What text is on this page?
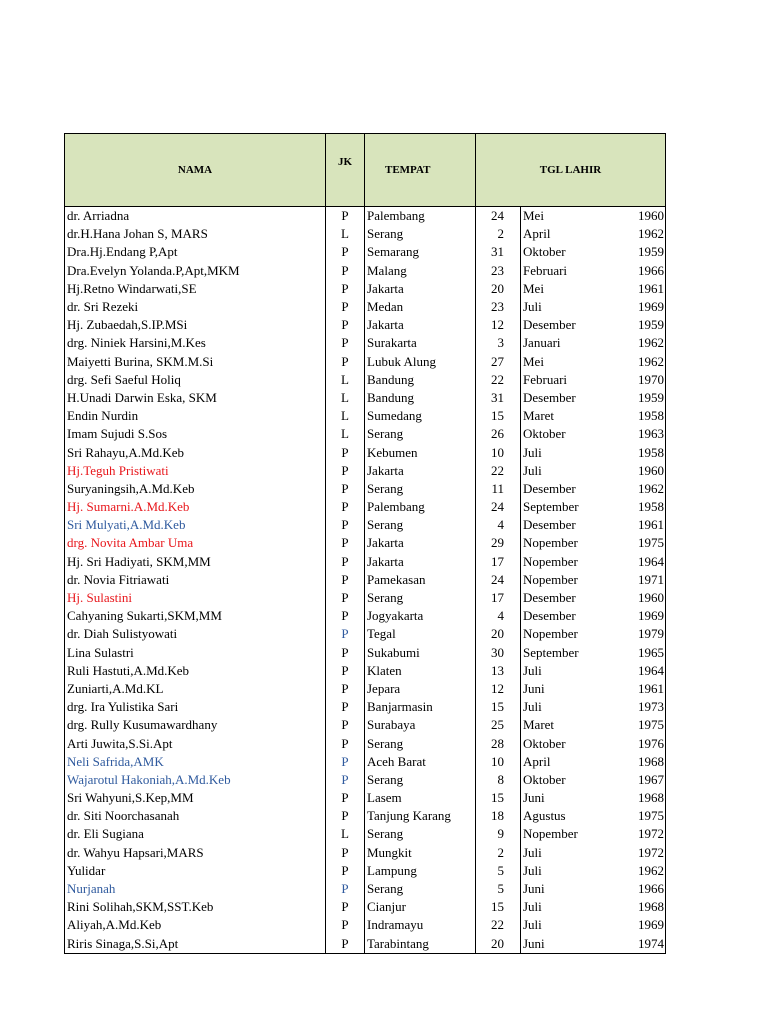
NAMA	JK	TEMPAT	TGL LAHIR		
dr. Arriadna	P	Palembang	24	Mei	1960
dr.H.Hana Johan S, MARS	L	Serang	2	April	1962
Dra.Hj.Endang P,Apt	P	Semarang	31	Oktober	1959
Dra.Evelyn Yolanda.P,Apt,MKM	P	Malang	23	Februari	1966
Hj.Retno Windarwati,SE	P	Jakarta	20	Mei	1961
dr. Sri Rezeki	P	Medan	23	Juli	1969
Hj. Zubaedah,S.IP.MSi	P	Jakarta	12	Desember	1959
drg. Niniek Harsini,M.Kes	P	Surakarta	3	Januari	1962
Maiyetti Burina, SKM.M.Si	P	Lubuk Alung	27	Mei	1962
drg. Sefi Saeful Holiq	L	Bandung	22	Februari	1970
H.Unadi Darwin Eska, SKM	L	Bandung	31	Desember	1959
Endin Nurdin	L	Sumedang	15	Maret	1958
Imam Sujudi S.Sos	L	Serang	26	Oktober	1963
Sri Rahayu,A.Md.Keb	P	Kebumen	10	Juli	1958
Hj.Teguh Pristiwati	P	Jakarta	22	Juli	1960
Suryaningsih,A.Md.Keb	P	Serang	11	Desember	1962
Hj. Sumarni.A.Md.Keb	P	Palembang	24	September	1958
Sri Mulyati,A.Md.Keb	P	Serang	4	Desember	1961
drg. Novita Ambar Uma	P	Jakarta	29	Nopember	1975
Hj. Sri Hadiyati, SKM,MM	P	Jakarta	17	Nopember	1964
dr. Novia Fitriawati	P	Pamekasan	24	Nopember	1971
Hj. Sulastini	P	Serang	17	Desember	1960
Cahyaning Sukarti,SKM,MM	P	Jogyakarta	4	Desember	1969
dr. Diah Sulistyowati	P	Tegal	20	Nopember	1979
Lina Sulastri	P	Sukabumi	30	September	1965
Ruli Hastuti,A.Md.Keb	P	Klaten	13	Juli	1964
Zuniarti,A.Md.KL	P	Jepara	12	Juni	1961
drg. Ira Yulistika Sari	P	Banjarmasin	15	Juli	1973
drg. Rully Kusumawardhany	P	Surabaya	25	Maret	1975
Arti Juwita,S.Si.Apt	P	Serang	28	Oktober	1976
Neli Safrida,AMK	P	Aceh Barat	10	April	1968
Wajarotul Hakoniah,A.Md.Keb	P	Serang	8	Oktober	1967
Sri Wahyuni,S.Kep,MM	P	Lasem	15	Juni	1968
dr. Siti Noorchasanah	P	Tanjung Karang	18	Agustus	1975
dr. Eli Sugiana	L	Serang	9	Nopember	1972
dr. Wahyu Hapsari,MARS	P	Mungkit	2	Juli	1972
Yulidar	P	Lampung	5	Juli	1962
Nurjanah	P	Serang	5	Juni	1966
Rini Solihah,SKM,SST.Keb	P	Cianjur	15	Juli	1968
Aliyah,A.Md.Keb	P	Indramayu	22	Juli	1969
Riris Sinaga,S.Si,Apt	P	Tarabintang	20	Juni	1974
